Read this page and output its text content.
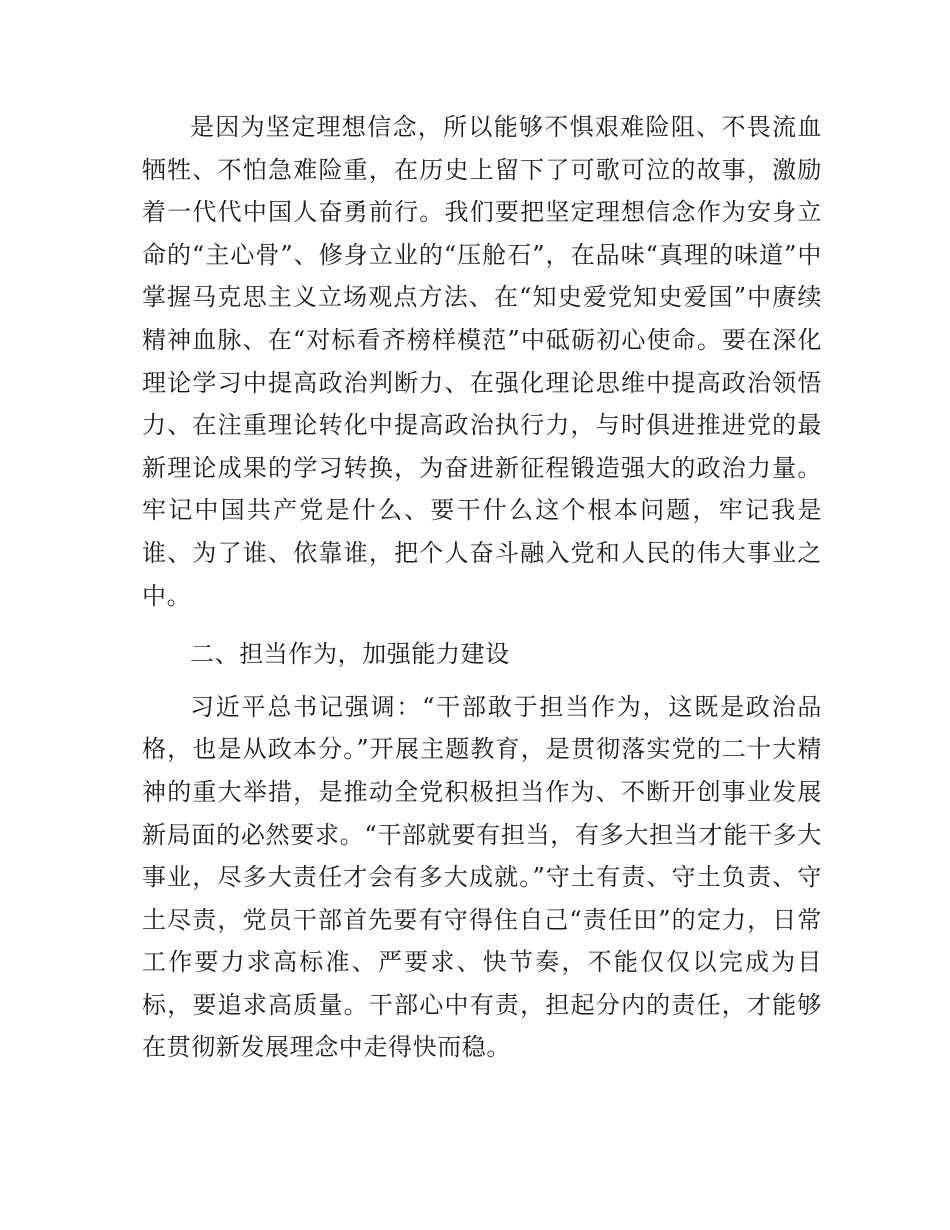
是因为坚定理想信念，所以能够不惧艰难险阻、不畏流血牺牲、不怕急难险重，在历史上留下了可歌可泣的故事，激励着一代代中国人奋勇前行。我们要把坚定理想信念作为安身立命的“主心骨”、修身立业的“压舱石”，在品味“真理的味道”中掌握马克思主义立场观点方法、在“知史爱党知史爱国”中赓续精神血脉、在“对标看齐榜样模范”中砥砺初心使命。要在深化理论学习中提高政治判断力、在强化理论思维中提高政治领悟力、在注重理论转化中提高政治执行力，与时俱进推进党的最新理论成果的学习转换，为奋进新征程锻造强大的政治力量。牢记中国共产党是什么、要干什么这个根本问题，牢记我是谁、为了谁、依靠谁，把个人奋斗融入党和人民的伟大事业之中。

二、担当作为，加强能力建设

习近平总书记强调：“干部敢于担当作为，这既是政治品格，也是从政本分。”开展主题教育，是贯彻落实党的二十大精神的重大举措，是推动全党积极担当作为、不断开创事业发展新局面的必然要求。“干部就要有担当，有多大担当才能干多大事业，尽多大责任才会有多大成就。”守土有责、守土负责、守土尽责，党员干部首先要有守得住自己“责任田”的定力，日常工作要力求高标准、严要求、快节奏，不能仅仅以完成为目标，要追求高质量。干部心中有责，担起分内的责任，才能够在贯彻新发展理念中走得快而稳。
